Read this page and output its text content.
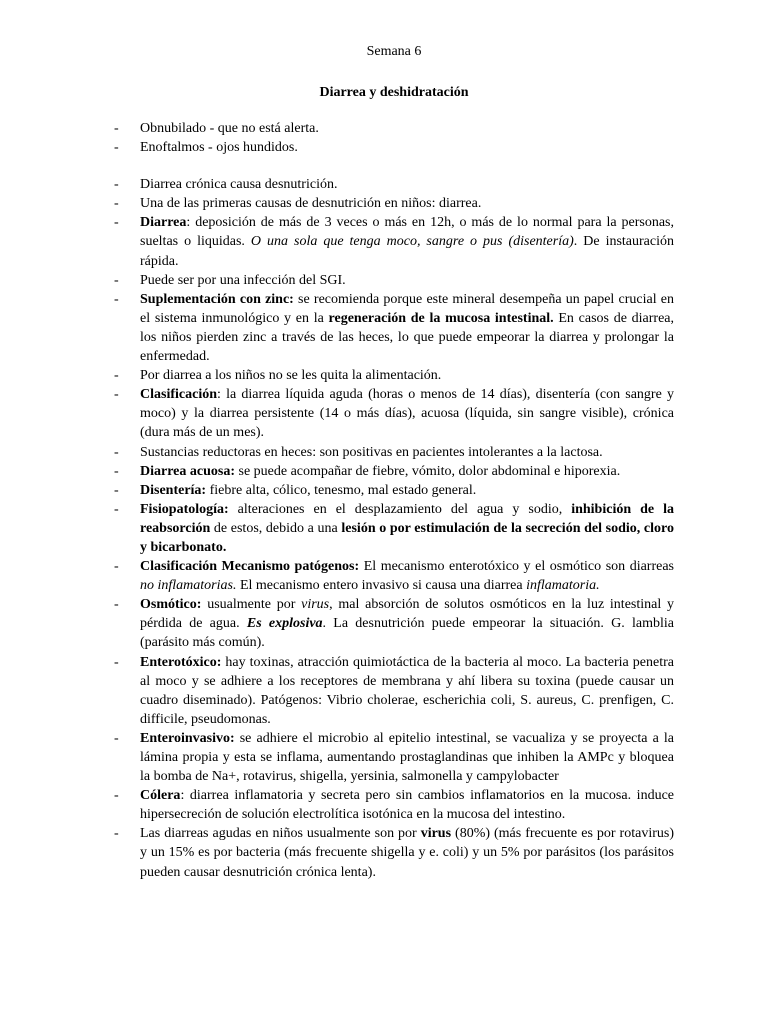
Semana 6
Diarrea y deshidratación
- Obnubilado - que no está alerta.
- Enoftalmos - ojos hundidos.
- Diarrea crónica causa desnutrición.
- Una de las primeras causas de desnutrición en niños: diarrea.
- Diarrea: deposición de más de 3 veces o más en 12h, o más de lo normal para la personas, sueltas o liquidas. O una sola que tenga moco, sangre o pus (disentería). De instauración rápida.
- Puede ser por una infección del SGI.
- Suplementación con zinc: se recomienda porque este mineral desempeña un papel crucial en el sistema inmunológico y en la regeneración de la mucosa intestinal. En casos de diarrea, los niños pierden zinc a través de las heces, lo que puede empeorar la diarrea y prolongar la enfermedad.
- Por diarrea a los niños no se les quita la alimentación.
- Clasificación: la diarrea líquida aguda (horas o menos de 14 días), disentería (con sangre y moco) y la diarrea persistente (14 o más días), acuosa (líquida, sin sangre visible), crónica (dura más de un mes).
- Sustancias reductoras en heces: son positivas en pacientes intolerantes a la lactosa.
- Diarrea acuosa: se puede acompañar de fiebre, vómito, dolor abdominal e hiporexia.
- Disentería: fiebre alta, cólico, tenesmo, mal estado general.
- Fisiopatología: alteraciones en el desplazamiento del agua y sodio, inhibición de la reabsorción de estos, debido a una lesión o por estimulación de la secreción del sodio, cloro y bicarbonato.
- Clasificación Mecanismo patógenos: El mecanismo enterotóxico y el osmótico son diarreas no inflamatorias. El mecanismo entero invasivo si causa una diarrea inflamatoria.
- Osmótico: usualmente por virus, mal absorción de solutos osmóticos en la luz intestinal y pérdida de agua. Es explosiva. La desnutrición puede empeorar la situación. G. lamblia (parásito más común).
- Enterotóxico: hay toxinas, atracción quimiotáctica de la bacteria al moco. La bacteria penetra al moco y se adhiere a los receptores de membrana y ahí libera su toxina (puede causar un cuadro diseminado). Patógenos: Vibrio cholerae, escherichia coli, S. aureus, C. prenfigen, C. difficile, pseudomonas.
- Enteroinvasivo: se adhiere el microbio al epitelio intestinal, se vacualiza y se proyecta a la lámina propia y esta se inflama, aumentando prostaglandinas que inhiben la AMPc y bloquea la bomba de Na+, rotavirus, shigella, yersinia, salmonella y campylobacter
- Cólera: diarrea inflamatoria y secreta pero sin cambios inflamatorios en la mucosa. induce hipersecreción de solución electrolítica isotónica en la mucosa del intestino.
- Las diarreas agudas en niños usualmente son por virus (80%) (más frecuente es por rotavirus) y un 15% es por bacteria (más frecuente shigella y e. coli) y un 5% por parásitos (los parásitos pueden causar desnutrición crónica lenta).
